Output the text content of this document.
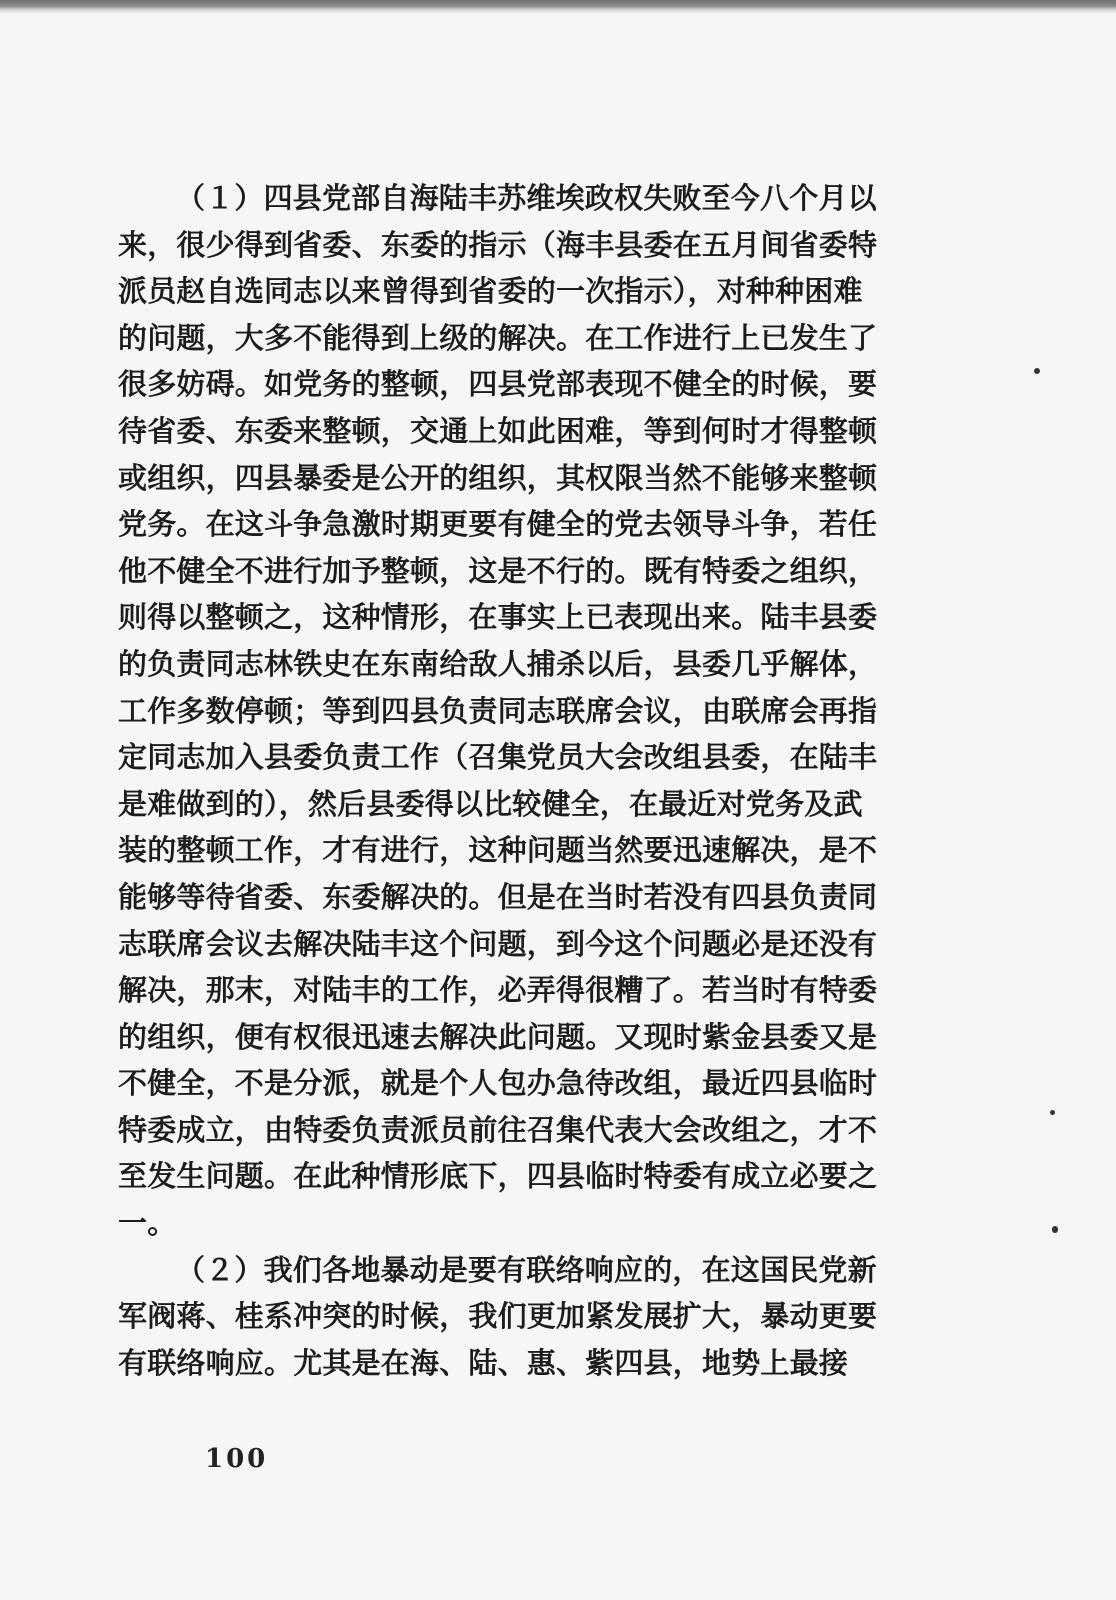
（１）四县党部自海陆丰苏维埃政权失败至今八个月以
来，很少得到省委、东委的指示（海丰县委在五月间省委特
派员赵自选同志以来曾得到省委的一次指示），对种种困难
的问题，大多不能得到上级的解决。在工作进行上已发生了
很多妨碍。如党务的整顿，四县党部表现不健全的时候，要
待省委、东委来整顿，交通上如此困难，等到何时才得整顿
或组织，四县暴委是公开的组织，其权限当然不能够来整顿
党务。在这斗争急激时期更要有健全的党去领导斗争，若任
他不健全不进行加予整顿，这是不行的。既有特委之组织，
则得以整顿之，这种情形，在事实上已表现出来。陆丰县委
的负责同志林铁史在东南给敌人捕杀以后，县委几乎解体，
工作多数停顿；等到四县负责同志联席会议，由联席会再指
定同志加入县委负责工作（召集党员大会改组县委，在陆丰
是难做到的），然后县委得以比较健全，在最近对党务及武
装的整顿工作，才有进行，这种问题当然要迅速解决，是不
能够等待省委、东委解决的。但是在当时若没有四县负责同
志联席会议去解决陆丰这个问题，到今这个问题必是还没有
解决，那末，对陆丰的工作，必弄得很糟了。若当时有特委
的组织，便有权很迅速去解决此问题。又现时紫金县委又是
不健全，不是分派，就是个人包办急待改组，最近四县临时
特委成立，由特委负责派员前往召集代表大会改组之，才不
至发生问题。在此种情形底下，四县临时特委有成立必要之
一。
（２）我们各地暴动是要有联络响应的，在这国民党新
军阀蒋、桂系冲突的时候，我们更加紧发展扩大，暴动更要
有联络响应。尤其是在海、陆、惠、紫四县，地势上最接
100
